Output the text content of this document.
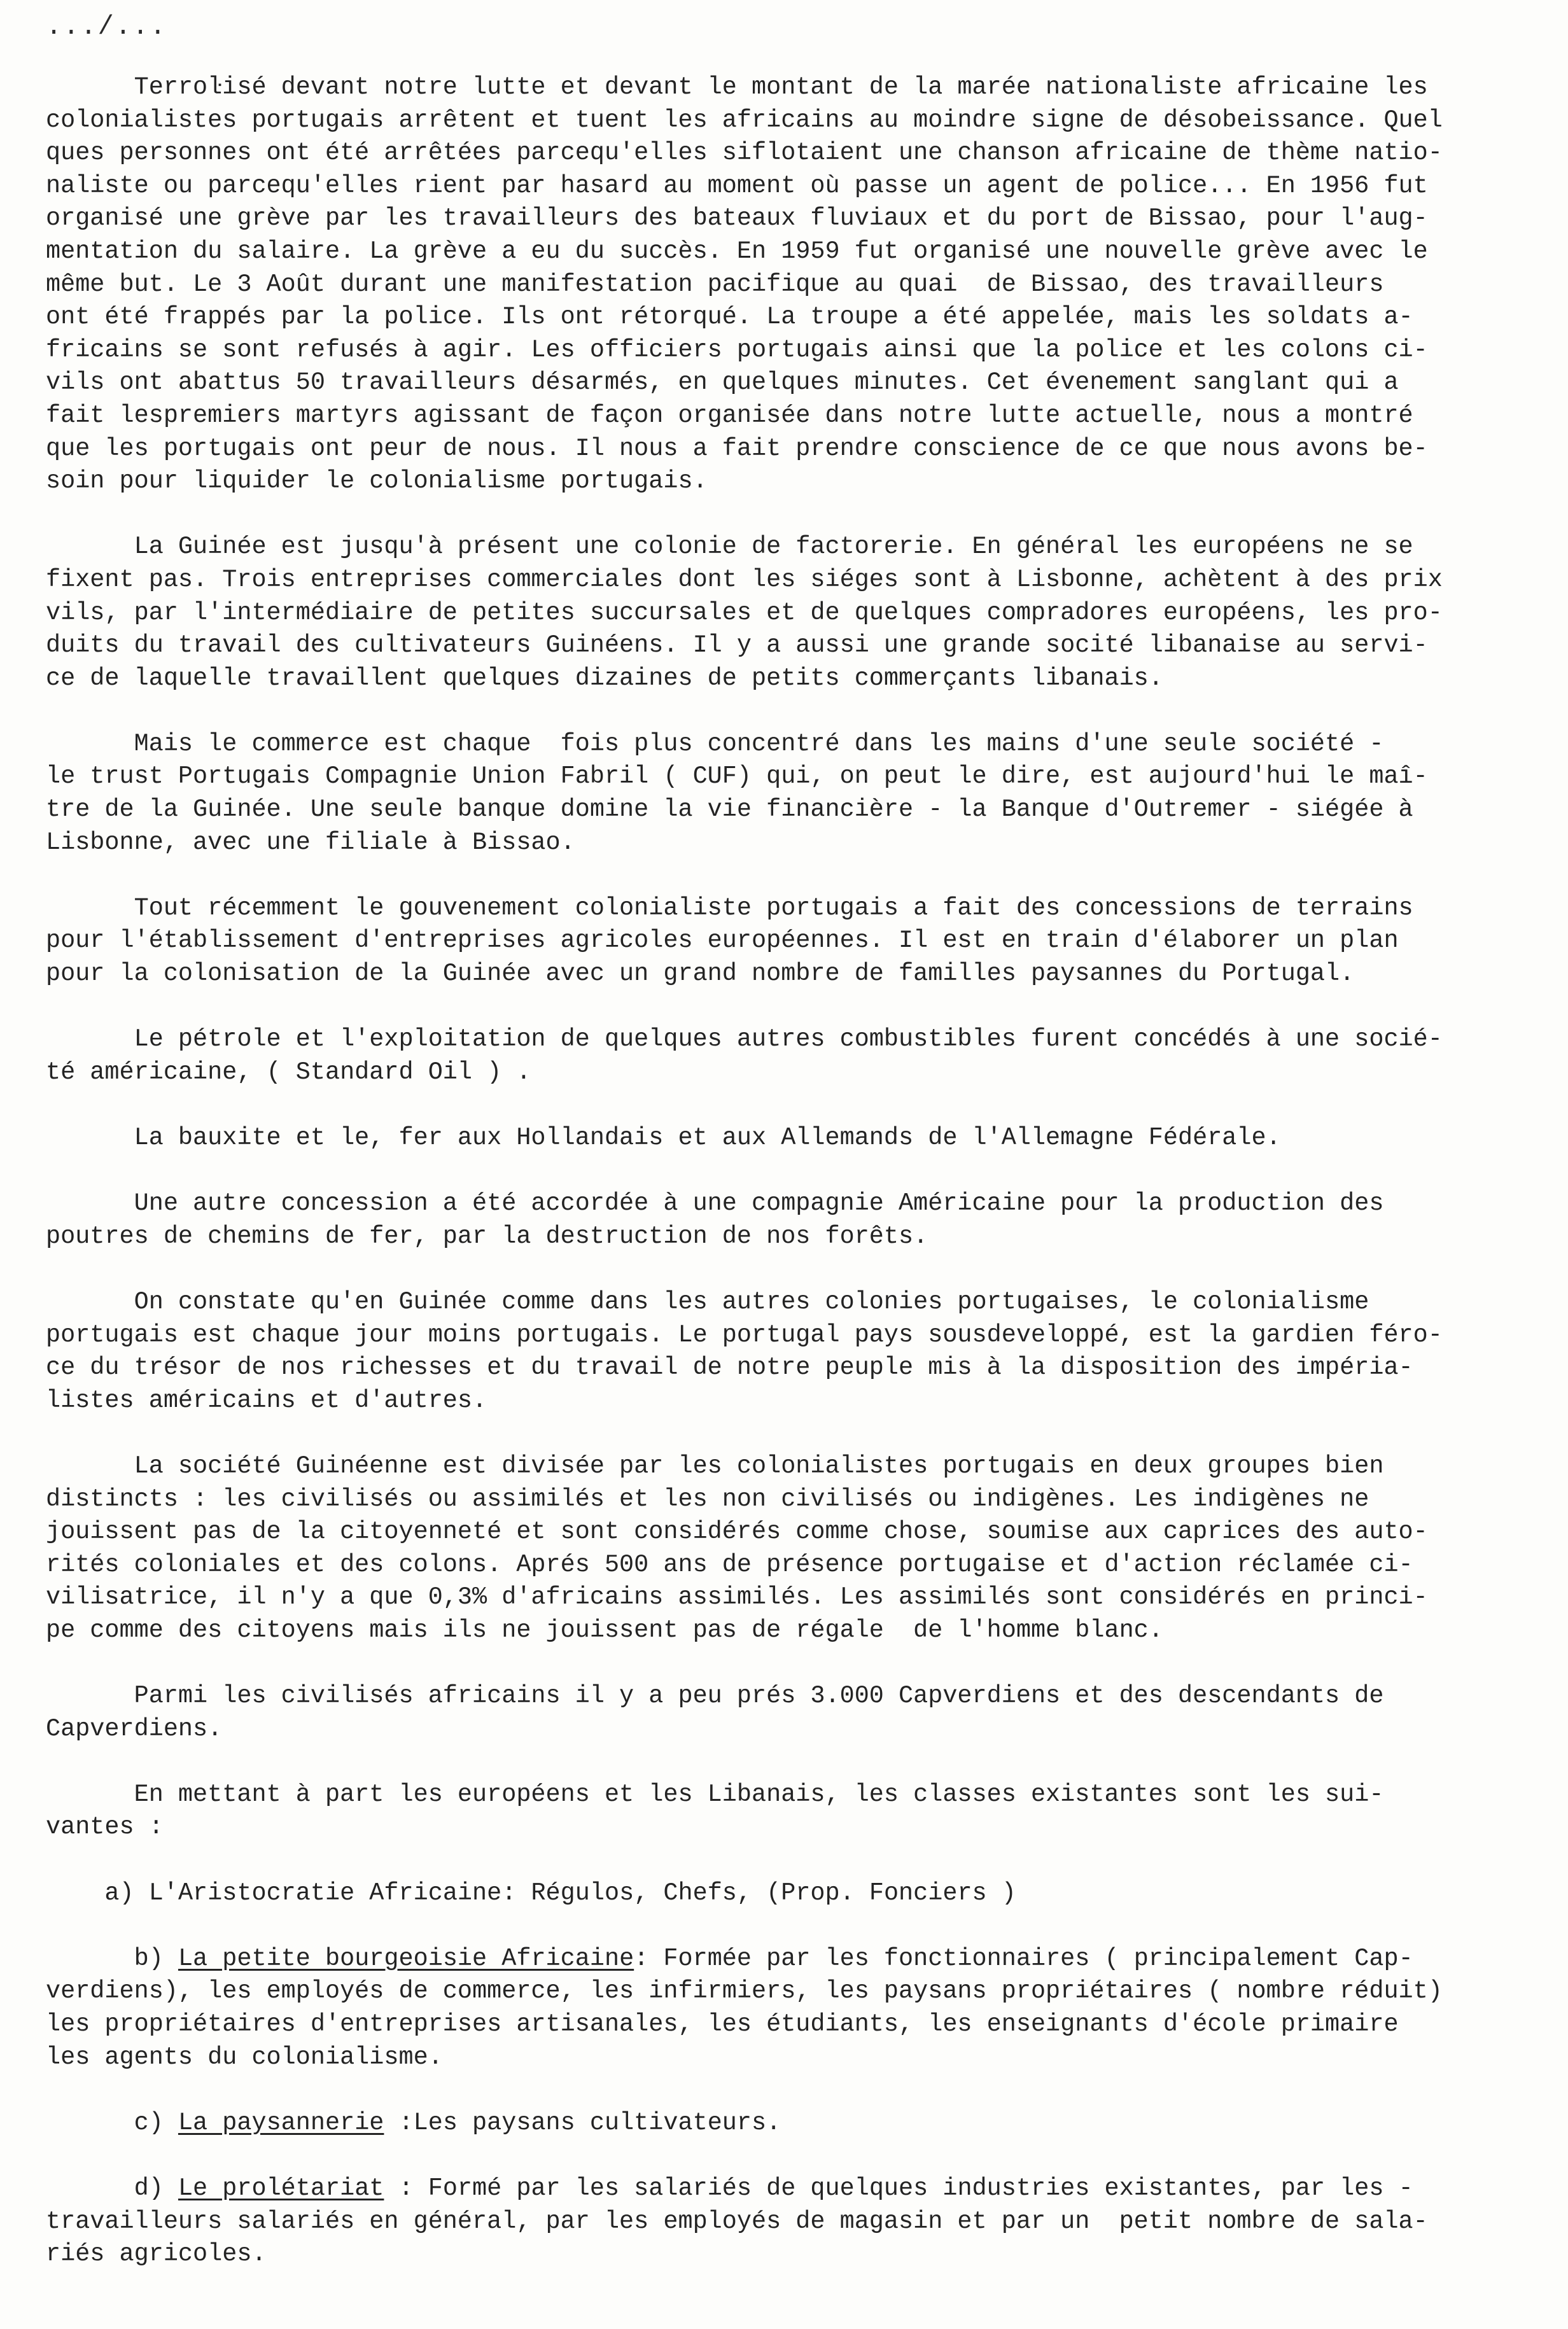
.../...
Terroŀisé devant notre lutte et devant le montant de la marée nationaliste africaine les
colonialistes portugais arrêtent et tuent les africains au moindre signe de désobeissance. Quel
ques personnes ont été arrêtées parcequ'elles siflotaient une chanson africaine de thème natio-
naliste ou parcequ'elles rient par hasard au moment où passe un agent de police... En 1956 fut
organisé une grève par les travailleurs des bateaux fluviaux et du port de Bissao, pour l'aug-
mentation du salaire. La grève a eu du succès. En 1959 fut organisé une nouvelle grève avec le
même but. Le 3 Août durant une manifestation pacifique au quai  de Bissao, des travailleurs
ont été frappés par la police. Ils ont rétorqué. La troupe a été appelée, mais les soldats a-
fricains se sont refusés à agir. Les officiers portugais ainsi que la police et les colons ci-
vils ont abattus 50 travailleurs désarmés, en quelques minutes. Cet évenement sanglant qui a
fait lespremiers martyrs agissant de façon organisée dans notre lutte actuelle, nous a montré
que les portugais ont peur de nous. Il nous a fait prendre conscience de ce que nous avons be-
soin pour liquider le colonialisme portugais.
La Guinée est jusqu'à présent une colonie de factorerie. En général les européens ne se
fixent pas. Trois entreprises commerciales dont les siéges sont à Lisbonne, achètent à des prix
vils, par l'intermédiaire de petites succursales et de quelques compradores européens, les pro-
duits du travail des cultivateurs Guinéens. Il y a aussi une grande socité libanaise au servi-
ce de laquelle travaillent quelques dizaines de petits commerçants libanais.
Mais le commerce est chaque  fois plus concentré dans les mains d'une seule société -
le trust Portugais Compagnie Union Fabril ( CUF) qui, on peut le dire, est aujourd'hui le maî-
tre de la Guinée. Une seule banque domine la vie financière - la Banque d'Outremer - siégée à
Lisbonne, avec une filiale à Bissao.
Tout récemment le gouvenement colonialiste portugais a fait des concessions de terrains
pour l'établissement d'entreprises agricoles européennes. Il est en train d'élaborer un plan
pour la colonisation de la Guinée avec un grand nombre de familles paysannes du Portugal.
Le pétrole et l'exploitation de quelques autres combustibles furent concédés à une socié-
té américaine, ( Standard Oil ) .
La bauxite et le, fer aux Hollandais et aux Allemands de l'Allemagne Fédérale.
Une autre concession a été accordée à une compagnie Américaine pour la production des
poutres de chemins de fer, par la destruction de nos forêts.
On constate qu'en Guinée comme dans les autres colonies portugaises, le colonialisme
portugais est chaque jour moins portugais. Le portugal pays sousdeveloppé, est la gardien féro-
ce du trésor de nos richesses et du travail de notre peuple mis à la disposition des impéria-
listes américains et d'autres.
La société Guinéenne est divisée par les colonialistes portugais en deux groupes bien
distincts : les civilisés ou assimilés et les non civilisés ou indigènes. Les indigènes ne
jouissent pas de la citoyenneté et sont considérés comme chose, soumise aux caprices des auto-
rités coloniales et des colons. Aprés 500 ans de présence portugaise et d'action réclamée ci-
vilisatrice, il n'y a que 0,3% d'africains assimilés. Les assimilés sont considérés en princi-
pe comme des citoyens mais ils ne jouissent pas de régale  de l'homme blanc.
Parmi les civilisés africains il y a peu prés 3.000 Capverdiens et des descendants de
Capverdiens.
En mettant à part les européens et les Libanais, les classes existantes sont les sui-
vantes :
a) L'Aristocratie Africaine: Régulos, Chefs, (Prop. Fonciers )
b) La petite bourgeoisie Africaine: Formée par les fonctionnaires ( principalement Cap-
verdiens), les employés de commerce, les infirmiers, les paysans propriétaires ( nombre réduit)
les propriétaires d'entreprises artisanales, les étudiants, les enseignants d'école primaire
les agents du colonialisme.
c) La paysannerie :Les paysans cultivateurs.
d) Le prolétariat : Formé par les salariés de quelques industries existantes, par les -
travailleurs salariés en général, par les employés de magasin et par un  petit nombre de sala-
riés agricoles.
